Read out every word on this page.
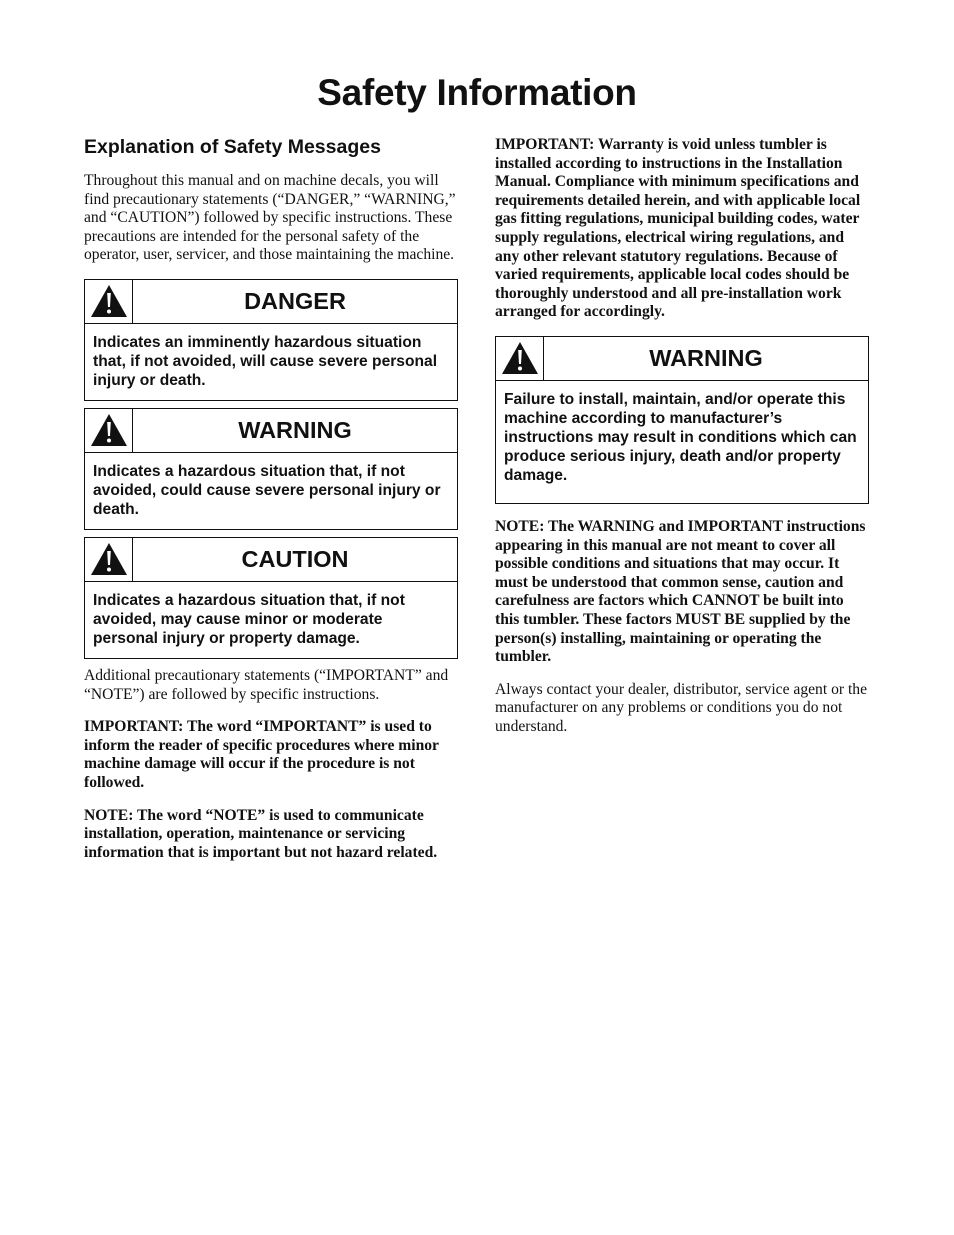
Safety Information
Explanation of Safety Messages

Throughout this manual and on machine decals, you will find precautionary statements (“DANGER,” “WARNING,” and “CAUTION”) followed by specific instructions. These precautions are intended for the personal safety of the operator, user, servicer, and those maintaining the machine.

DANGER
Indicates an imminently hazardous situation that, if not avoided, will cause severe personal injury or death.
WARNING
Indicates a hazardous situation that, if not avoided, could cause severe personal injury or death.
CAUTION
Indicates a hazardous situation that, if not avoided, may cause minor or moderate personal injury or property damage.

Additional precautionary statements (“IMPORTANT” and “NOTE”) are followed by specific instructions.

IMPORTANT: The word “IMPORTANT” is used to inform the reader of specific procedures where minor machine damage will occur if the procedure is not followed.

NOTE: The word “NOTE” is used to communicate installation, operation, maintenance or servicing information that is important but not hazard related.

IMPORTANT: Warranty is void unless tumbler is installed according to instructions in the Installation Manual. Compliance with minimum specifications and requirements detailed herein, and with applicable local gas fitting regulations, municipal building codes, water supply regulations, electrical wiring regulations, and any other relevant statutory regulations. Because of varied requirements, applicable local codes should be thoroughly understood and all pre-installation work arranged for accordingly.

WARNING
Failure to install, maintain, and/or operate this machine according to manufacturer’s instructions may result in conditions which can produce serious injury, death and/or property damage.

NOTE: The WARNING and IMPORTANT instructions appearing in this manual are not meant to cover all possible conditions and situations that may occur. It must be understood that common sense, caution and carefulness are factors which CANNOT be built into this tumbler. These factors MUST BE supplied by the person(s) installing, maintaining or operating the tumbler.

Always contact your dealer, distributor, service agent or the manufacturer on any problems or conditions you do not understand.
